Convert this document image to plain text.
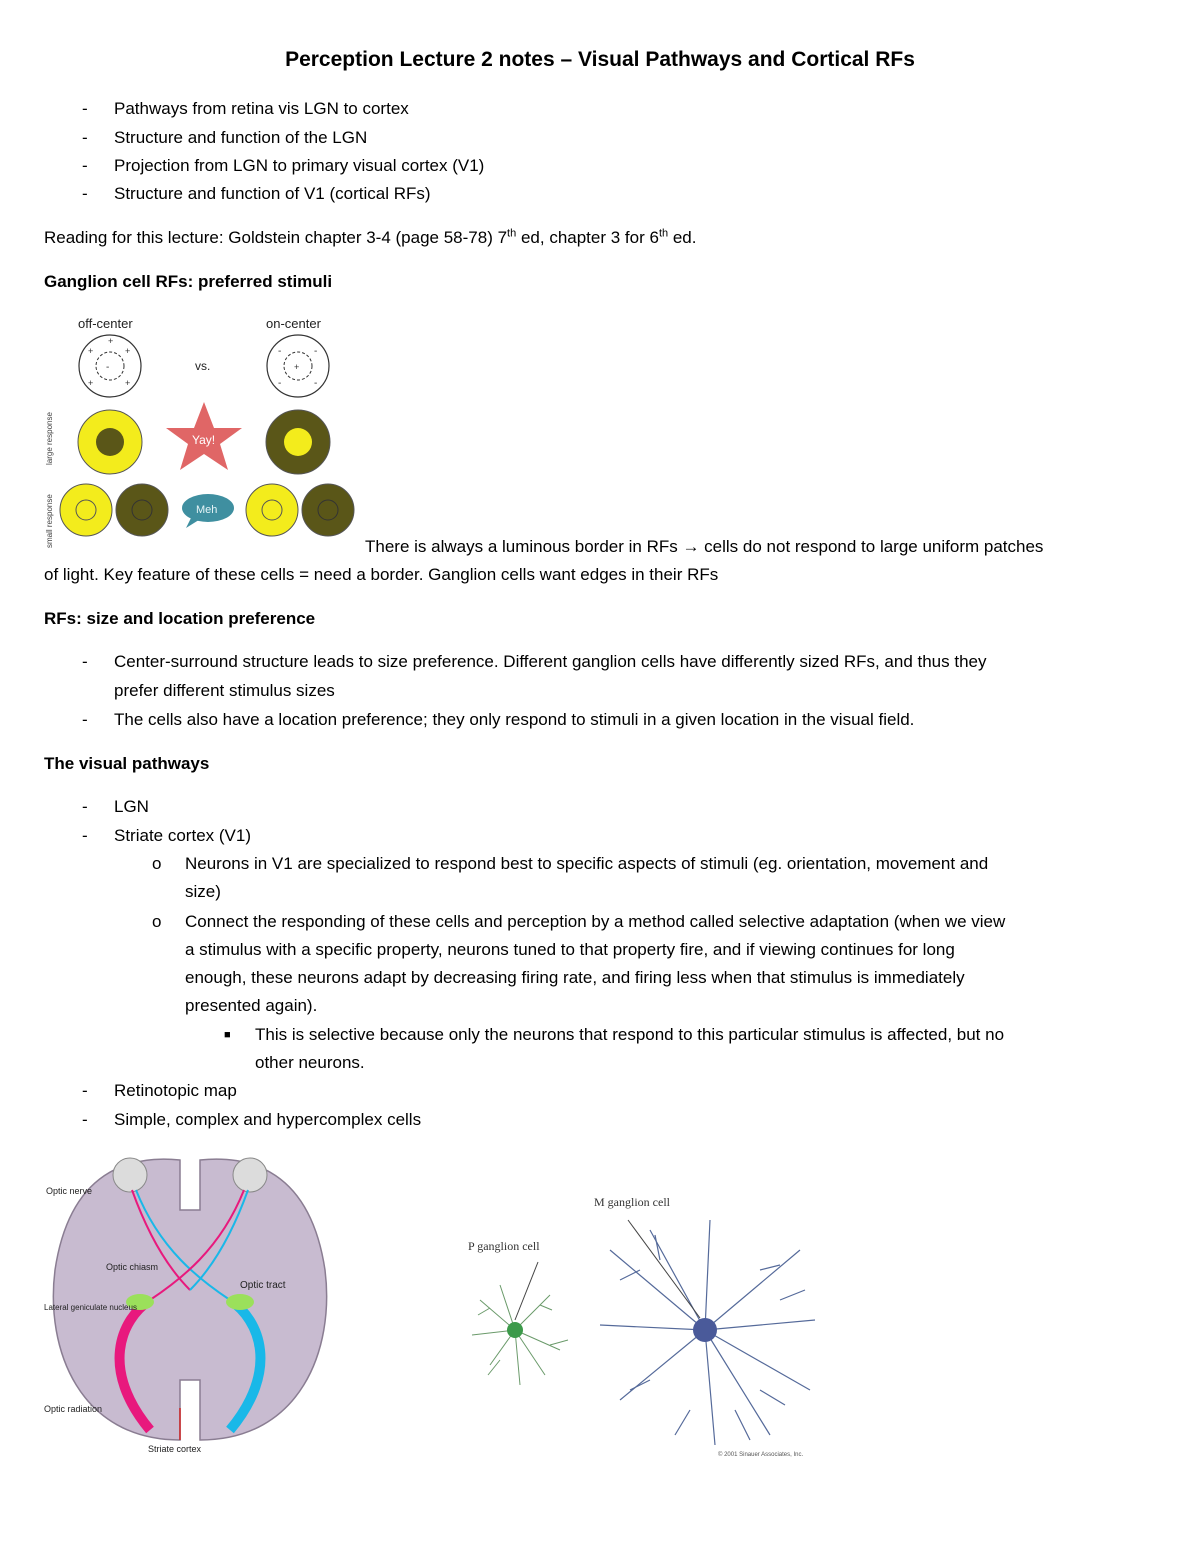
Perception Lecture 2 notes – Visual Pathways and Cortical RFs
- Pathways from retina vis LGN to cortex
- Structure and function of the LGN
- Projection from LGN to primary visual cortex (V1)
- Structure and function of V1 (cortical RFs)
Reading for this lecture: Goldstein chapter 3-4 (page 58-78) 7th ed, chapter 3 for 6th ed.
Ganglion cell RFs: preferred stimuli
off-center	on-center
-
+	+
+	+
+
vs.	+
-	-
-	-
large response	Yay!
small response	Meh
There is always a luminous border in RFs → cells do not respond to large uniform patches
of light. Key feature of these cells = need a border. Ganglion cells want edges in their RFs
RFs: size and location preference
- Center-surround structure leads to size preference. Different ganglion cells have differently sized RFs, and thus they
prefer different stimulus sizes
- The cells also have a location preference; they only respond to stimuli in a given location in the visual field.
The visual pathways
- LGN
- Striate cortex (V1)
o Neurons in V1 are specialized to respond best to specific aspects of stimuli (eg. orientation, movement and
size)
o Connect the responding of these cells and perception by a method called selective adaptation (when we view
a stimulus with a specific property, neurons tuned to that property fire, and if viewing continues for long
enough, these neurons adapt by decreasing firing rate, and firing less when that stimulus is immediately
presented again).
■ This is selective because only the neurons that respond to this particular stimulus is affected, but no
other neurons.
- Retinotopic map
- Simple, complex and hypercomplex cells
Optic nerve
Optic chiasm
Optic tract
Lateral geniculate nucleus
Optic radiation
Striate cortex
P ganglion cell
M ganglion cell
© 2001 Sinauer Associates, Inc.
